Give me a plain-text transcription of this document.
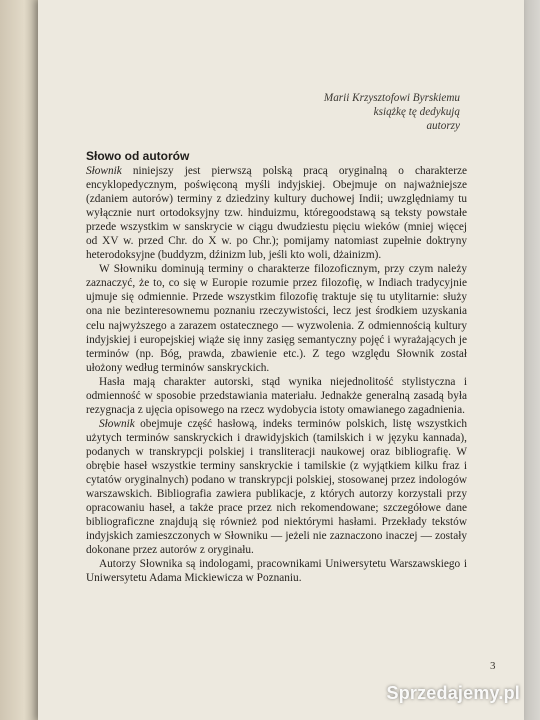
Marii Krzysztofowi Byrskiemu
książkę tę dedykują
autorzy
Słowo od autorów

Słownik niniejszy jest pierwszą polską pracą oryginalną o charakterze encyklopedycznym, poświęconą myśli indyjskiej. Obejmuje on najważniejsze (zdaniem autorów) terminy z dziedziny kultury duchowej Indii; uwzględniamy tu wyłącznie nurt ortodoksyjny tzw. hinduizmu, któregoodstawą są teksty powstałe przede wszystkim w sanskrycie w ciągu dwudziestu pięciu wieków (mniej więcej od XV w. przed Chr. do X w. po Chr.); pomijamy natomiast zupełnie doktryny heterodoksyjne (buddyzm, dźinizm lub, jeśli kto woli, dżainizm).

W Słowniku dominują terminy o charakterze filozoficznym, przy czym należy zaznaczyć, że to, co się w Europie rozumie przez filozofię, w Indiach tradycyjnie ujmuje się odmiennie. Przede wszystkim filozofię traktuje się tu utylitarnie: służy ona nie bezinteresownemu poznaniu rzeczywistości, lecz jest środkiem uzyskania celu najwyższego a zarazem ostatecznego — wyzwolenia. Z odmiennością kultury indyjskiej i europejskiej wiąże się inny zasięg semantyczny pojęć i wyrażających je terminów (np. Bóg, prawda, zbawienie etc.). Z tego względu Słownik został ułożony według terminów sanskryckich.

Hasła mają charakter autorski, stąd wynika niejednolitość stylistyczna i odmienność w sposobie przedstawiania materiału. Jednakże generalną zasadą była rezygnacja z ujęcia opisowego na rzecz wydobycia istoty omawianego zagadnienia.

Słownik obejmuje część hasłową, indeks terminów polskich, listę wszystkich użytych terminów sanskryckich i drawidyjskich (tamilskich i w języku kannada), podanych w transkrypcji polskiej i transliteracji naukowej oraz bibliografię. W obrębie haseł wszystkie terminy sanskryckie i tamilskie (z wyjątkiem kilku fraz i cytatów oryginalnych) podano w transkrypcji polskiej, stosowanej przez indologów warszawskich. Bibliografia zawiera publikacje, z których autorzy korzystali przy opracowaniu haseł, a także prace przez nich rekomendowane; szczegółowe dane bibliograficzne znajdują się również pod niektórymi hasłami. Przekłady tekstów indyjskich zamieszczonych w Słowniku — jeżeli nie zaznaczono inaczej — zostały dokonane przez autorów z oryginału.

Autorzy Słownika są indologami, pracownikami Uniwersytetu Warszawskiego i Uniwersytetu Adama Mickiewicza w Poznaniu.

3
Sprzedajemy.pl
